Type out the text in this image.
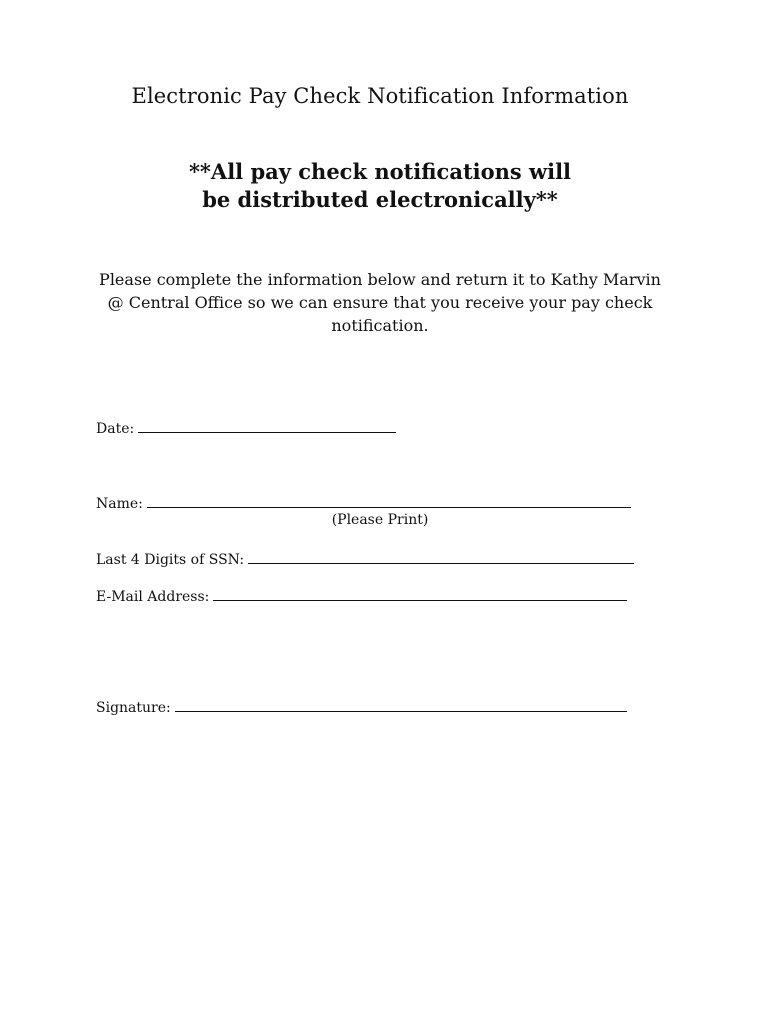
Electronic Pay Check Notification Information
**All pay check notifications will
be distributed electronically**
Please complete the information below and return it to Kathy Marvin
@ Central Office so we can ensure that you receive your pay check
notification.
Date:
Name:
(Please Print)
Last 4 Digits of SSN:
E-Mail Address:
Signature:
